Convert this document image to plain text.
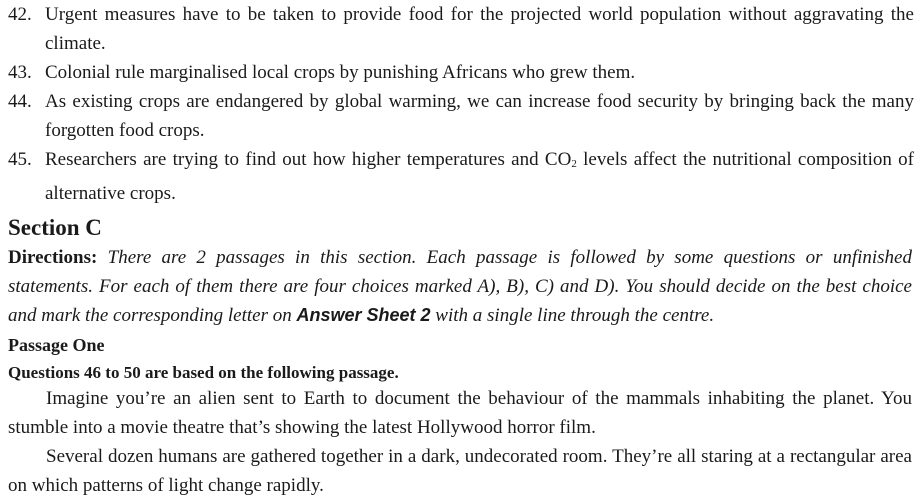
42. Urgent measures have to be taken to provide food for the projected world population without aggravating the climate.
43. Colonial rule marginalised local crops by punishing Africans who grew them.
44. As existing crops are endangered by global warming, we can increase food security by bringing back the many forgotten food crops.
45. Researchers are trying to find out how higher temperatures and $CO_2$ levels affect the nutritional composition of alternative crops.
Section C
Directions: There are 2 passages in this section. Each passage is followed by some questions or unfinished statements. For each of them there are four choices marked A), B), C) and D). You should decide on the best choice and mark the corresponding letter on Answer Sheet 2 with a single line through the centre.
Passage One
Questions 46 to 50 are based on the following passage.
Imagine you’re an alien sent to Earth to document the behaviour of the mammals inhabiting the planet. You stumble into a movie theatre that’s showing the latest Hollywood horror film.
Several dozen humans are gathered together in a dark, undecorated room. They’re all staring at a rectangular area on which patterns of light change rapidly.
